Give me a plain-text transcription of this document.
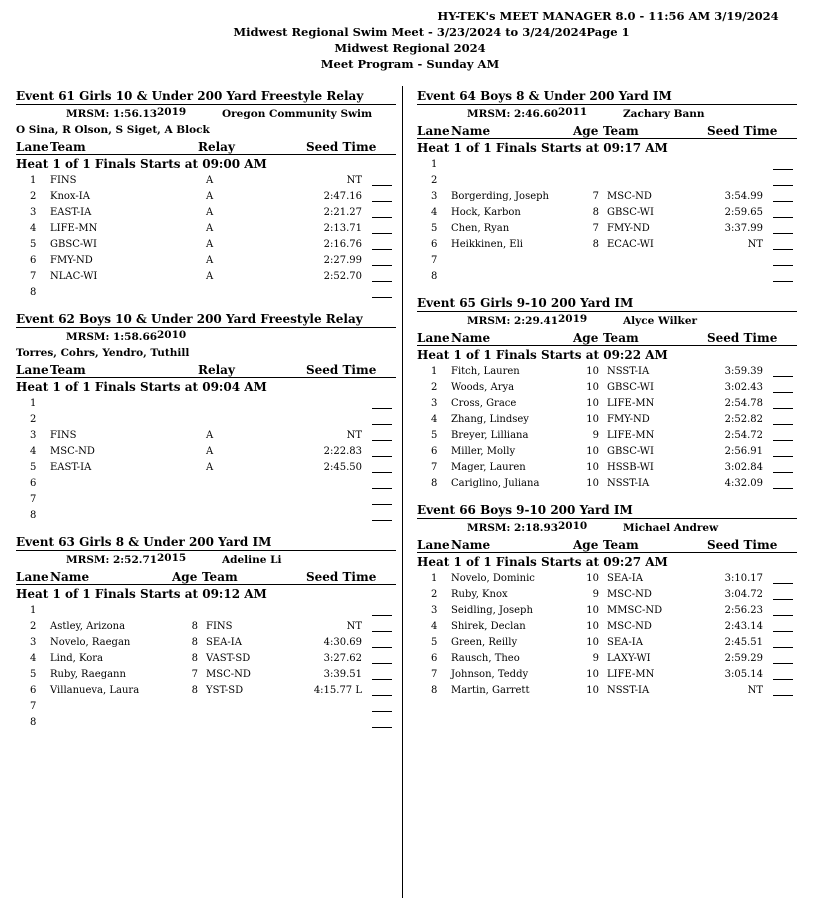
HY-TEK's MEET MANAGER 8.0 - 11:56 AM 3/19/2024 Page 1
Midwest Regional Swim Meet - 3/23/2024 to 3/24/2024
Midwest Regional 2024
Meet Program - Sunday AM
Event 61 Girls 10 & Under 200 Yard Freestyle Relay
MRSM: 1:56.13 2019	Oregon Community Swim
O Sina, R Olson, S Siget, A Block
Lane Team	Relay	Seed Time
Heat 1 of 1 Finals Starts at 09:00 AM
1 FINS	A	NT
2 Knox-IA	A	2:47.16
3 EAST-IA	A	2:21.27
4 LIFE-MN	A	2:13.71
5 GBSC-WI	A	2:16.76
6 FMY-ND	A	2:27.99
7 NLAC-WI	A	2:52.70
8
Event 62 Boys 10 & Under 200 Yard Freestyle Relay
MRSM: 1:58.66 2010
Torres, Cohrs, Yendro, Tuthill
Lane Team	Relay	Seed Time
Heat 1 of 1 Finals Starts at 09:04 AM
1
2
3 FINS	A	NT
4 MSC-ND	A	2:22.83
5 EAST-IA	A	2:45.50
6
7
8
Event 63 Girls 8 & Under 200 Yard IM
MRSM: 2:52.71 2015	Adeline Li
Lane Name	Age Team	Seed Time
Heat 1 of 1 Finals Starts at 09:12 AM
1
2 Astley, Arizona	8 FINS	NT
3 Novelo, Raegan	8 SEA-IA	4:30.69
4 Lind, Kora	8 VAST-SD	3:27.62
5 Ruby, Raegann	7 MSC-ND	3:39.51
6 Villanueva, Laura	8 YST-SD	4:15.77 L
7
8
Event 64 Boys 8 & Under 200 Yard IM
MRSM: 2:46.60 2011	Zachary Bann
Lane Name	Age Team	Seed Time
Heat 1 of 1 Finals Starts at 09:17 AM
1
2
3 Borgerding, Joseph	7 MSC-ND	3:54.99
4 Hock, Karbon	8 GBSC-WI	2:59.65
5 Chen, Ryan	7 FMY-ND	3:37.99
6 Heikkinen, Eli	8 ECAC-WI	NT
7
8
Event 65 Girls 9-10 200 Yard IM
MRSM: 2:29.41 2019	Alyce Wilker
Lane Name	Age Team	Seed Time
Heat 1 of 1 Finals Starts at 09:22 AM
1 Fitch, Lauren	10 NSST-IA	3:59.39
2 Woods, Arya	10 GBSC-WI	3:02.43
3 Cross, Grace	10 LIFE-MN	2:54.78
4 Zhang, Lindsey	10 FMY-ND	2:52.82
5 Breyer, Lilliana	9 LIFE-MN	2:54.72
6 Miller, Molly	10 GBSC-WI	2:56.91
7 Mager, Lauren	10 HSSB-WI	3:02.84
8 Cariglino, Juliana	10 NSST-IA	4:32.09
Event 66 Boys 9-10 200 Yard IM
MRSM: 2:18.93 2010	Michael Andrew
Lane Name	Age Team	Seed Time
Heat 1 of 1 Finals Starts at 09:27 AM
1 Novelo, Dominic	10 SEA-IA	3:10.17
2 Ruby, Knox	9 MSC-ND	3:04.72
3 Seidling, Joseph	10 MMSC-ND	2:56.23
4 Shirek, Declan	10 MSC-ND	2:43.14
5 Green, Reilly	10 SEA-IA	2:45.51
6 Rausch, Theo	9 LAXY-WI	2:59.29
7 Johnson, Teddy	10 LIFE-MN	3:05.14
8 Martin, Garrett	10 NSST-IA	NT
